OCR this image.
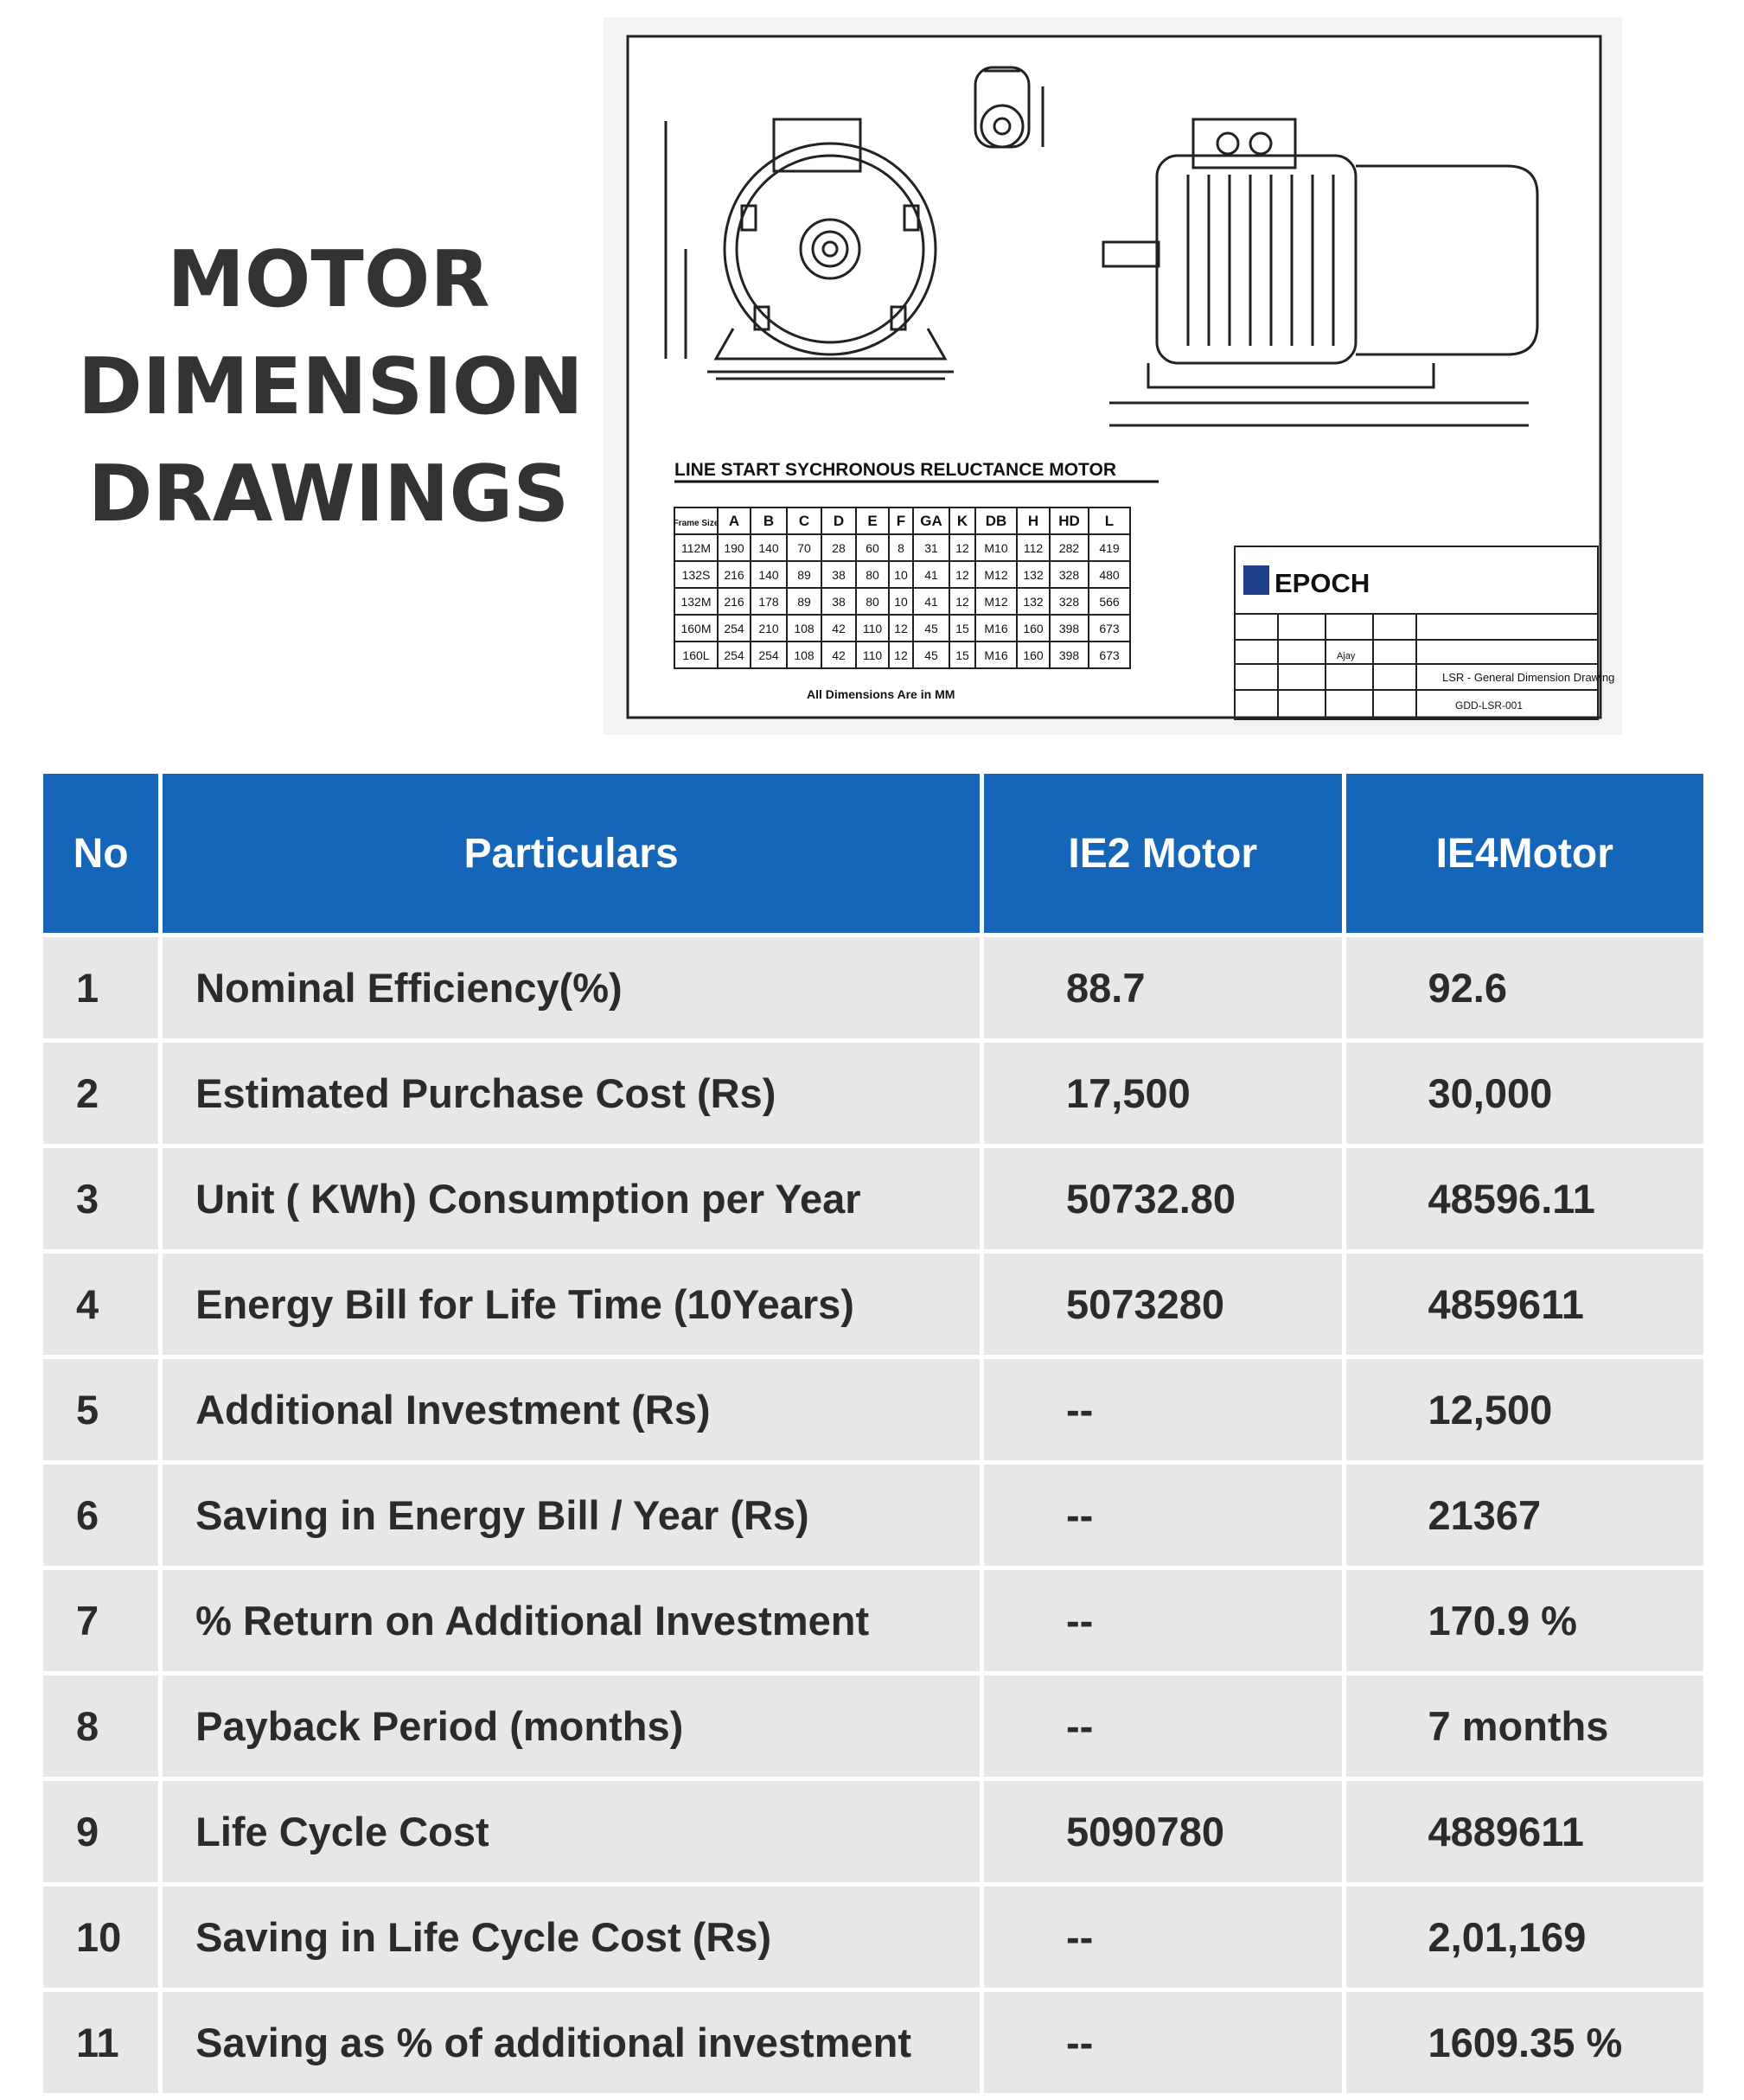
MOTOR
DIMENSION
DRAWINGS	LINE START SYCHRONOUS RELUCTANCE MOTOR
Frame Size A B C D E F GA K DB H HD L
112M 190 140 70 28 60 8 31 12 M10 112 282 419
132S 216 140 89 38 80 10 41 12 M12 132 328 480
132M 216 178 89 38 80 10 41 12 M12 132 328 566
160M 254 210 108 42 110 12 45 15 M16 160 398 673
160L 254 254 108 42 110 12 45 15 M16 160 398 673
All Dimensions Are in MM
EPOCH
Ajay
LSR - General Dimension Drawing
GDD-LSR-001
No	Particulars	IE2 Motor	IE4Motor
1	Nominal Efficiency(%)	88.7	92.6
2	Estimated Purchase Cost (Rs)	17,500	30,000
3	Unit ( KWh) Consumption per Year	50732.80	48596.11
4	Energy Bill for Life Time (10Years)	5073280	4859611
5	Additional Investment (Rs)	--	12,500
6	Saving in Energy Bill / Year (Rs)	--	21367
7	% Return on Additional Investment	--	170.9 %
8	Payback Period (months)	--	7 months
9	Life Cycle Cost	5090780	4889611
10	Saving in Life Cycle Cost (Rs)	--	2,01,169
11	Saving as % of additional investment	--	1609.35 %
